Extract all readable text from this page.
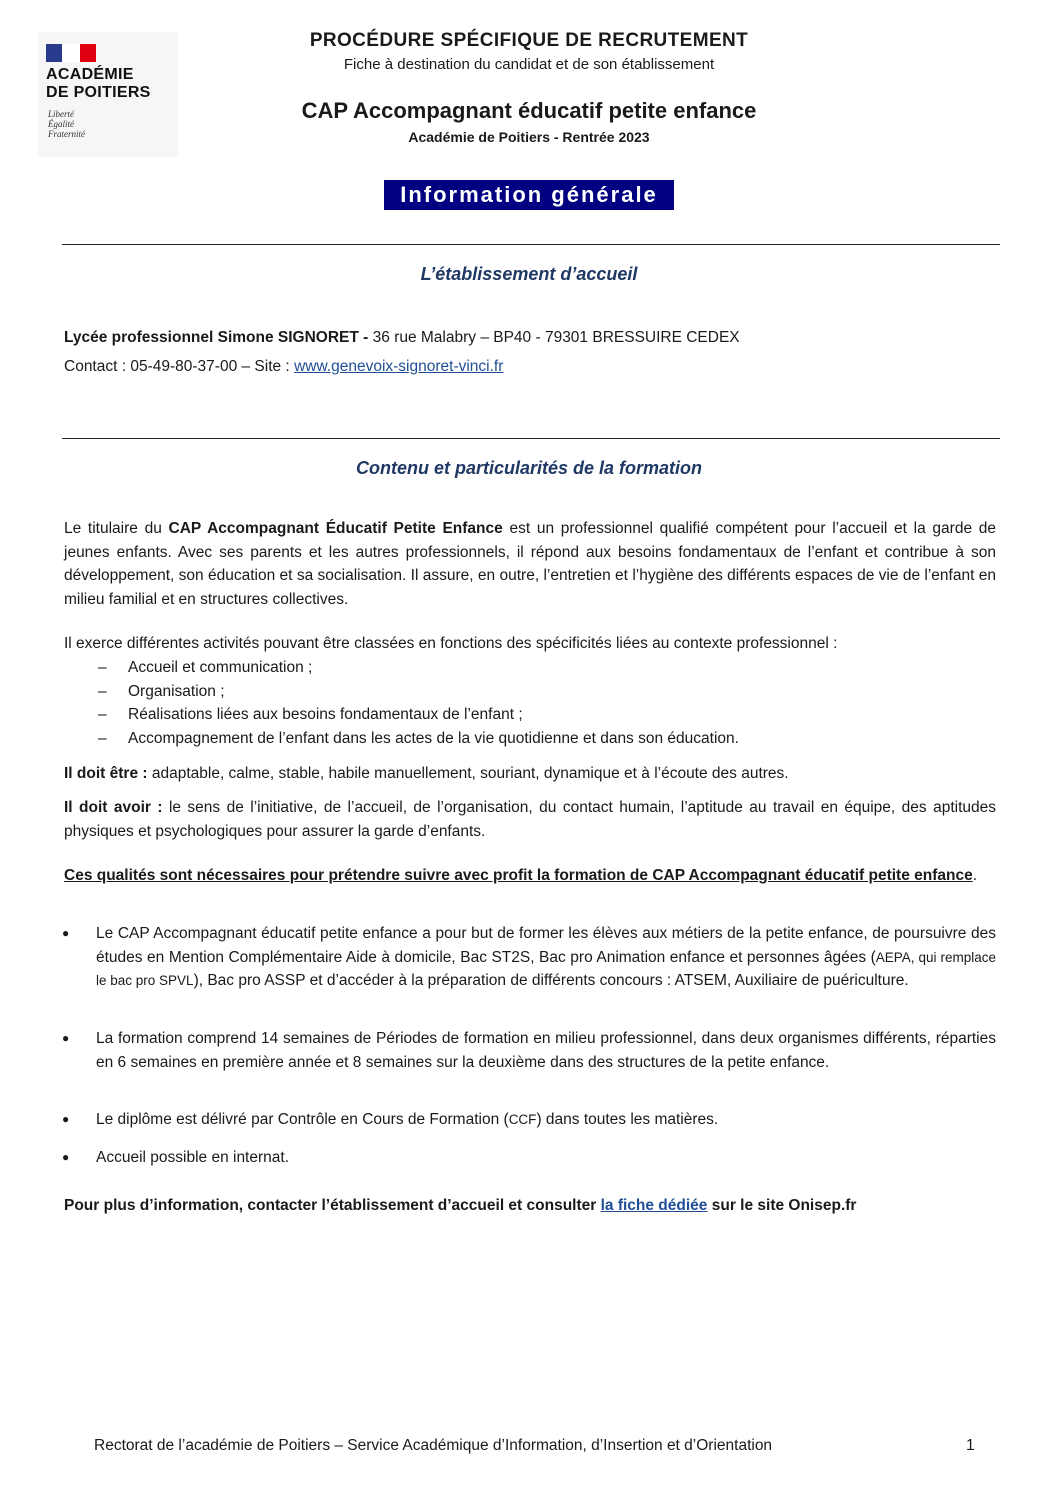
ACADÉMIE
DE POITIERS
Liberté
Égalité
Fraternité
PROCÉDURE SPÉCIFIQUE DE RECRUTEMENT
Fiche à destination du candidat et de son établissement
CAP Accompagnant éducatif petite enfance
Académie de Poitiers - Rentrée 2023
Information générale
L’établissement d’accueil
Lycée professionnel Simone SIGNORET - 36 rue Malabry – BP40 - 79301 BRESSUIRE CEDEX
Contact : 05-49-80-37-00 – Site : www.genevoix-signoret-vinci.fr
Contenu et particularités de la formation
Le titulaire du CAP Accompagnant Éducatif Petite Enfance est un professionnel qualifié compétent pour l’accueil et la garde de jeunes enfants. Avec ses parents et les autres professionnels, il répond aux besoins fondamentaux de l’enfant et contribue à son développement, son éducation et sa socialisation. Il assure, en outre, l’entretien et l’hygiène des différents espaces de vie de l’enfant en milieu familial et en structures collectives.
Il exerce différentes activités pouvant être classées en fonctions des spécificités liées au contexte professionnel :
– Accueil et communication ;
– Organisation ;
– Réalisations liées aux besoins fondamentaux de l’enfant ;
– Accompagnement de l’enfant dans les actes de la vie quotidienne et dans son éducation.
Il doit être : adaptable, calme, stable, habile manuellement, souriant, dynamique et à l’écoute des autres.
Il doit avoir : le sens de l’initiative, de l’accueil, de l’organisation, du contact humain, l’aptitude au travail en équipe, des aptitudes physiques et psychologiques pour assurer la garde d’enfants.
Ces qualités sont nécessaires pour prétendre suivre avec profit la formation de CAP Accompagnant éducatif petite enfance.
● Le CAP Accompagnant éducatif petite enfance a pour but de former les élèves aux métiers de la petite enfance, de poursuivre des études en Mention Complémentaire Aide à domicile, Bac ST2S, Bac pro Animation enfance et personnes âgées (AEPA, qui remplace le bac pro SPVL), Bac pro ASSP et d’accéder à la préparation de différents concours : ATSEM, Auxiliaire de puériculture.
● La formation comprend 14 semaines de Périodes de formation en milieu professionnel, dans deux organismes différents, réparties en 6 semaines en première année et 8 semaines sur la deuxième dans des structures de la petite enfance.
● Le diplôme est délivré par Contrôle en Cours de Formation (CCF) dans toutes les matières.
● Accueil possible en internat.
Pour plus d’information, contacter l’établissement d’accueil et consulter la fiche dédiée sur le site Onisep.fr
Rectorat de l’académie de Poitiers – Service Académique d’Information, d’Insertion et d’Orientation	1
